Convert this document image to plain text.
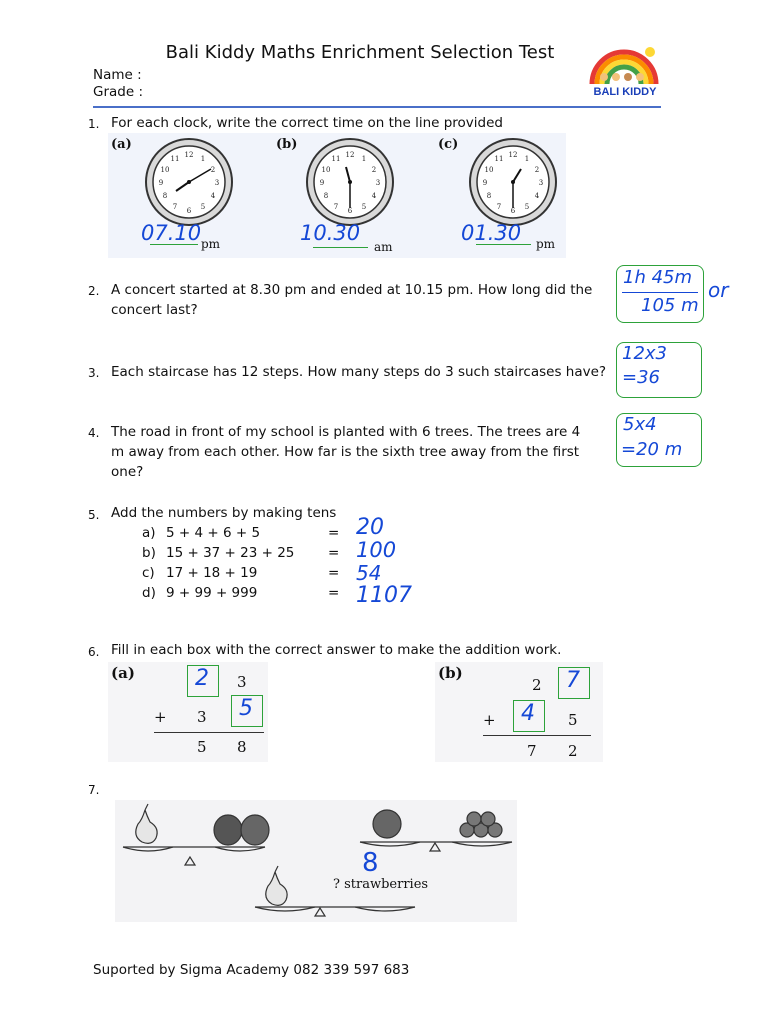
Bali Kiddy Maths Enrichment Selection Test
Name :
Grade :	BALI KIDDY
1. For each clock, write the correct time on the line provided
12 1
2
3
4
5
6
7
8
9
10
11	12 1
2
3
4
5
6
7
8
9
10
11	12 1
2
3
4
5
6
7
8
9
10
11
(a)	(b)	(c)
07.10 pm	10.30
am
01.30 pm
2. A concert started at 8.30 pm and ended at 10.15 pm. How long did the
concert last?
1h 45m
105 m
or
3. Each staircase has 12 steps. How many steps do 3 such staircases have?
12x3
=36
4. The road in front of my school is planted with 6 trees. The trees are 4
m away from each other. How far is the sixth tree away from the first
one?
5x4
=20 m
5. Add the numbers by making tens
a) 5 + 4 + 6 + 5	= 20
b) 15 + 37 + 23 + 25 = 100
c) 17 + 18 + 19	= 54
d) 9 + 99 + 999	= 1107
6. Fill in each box with the correct answer to make the addition work.
(a)	2 3
+ 3 5
5 8
(b)
2 7
+ 4 5
7 2
7.
? strawberries
8
Suported by Sigma Academy 082 339 597 683
